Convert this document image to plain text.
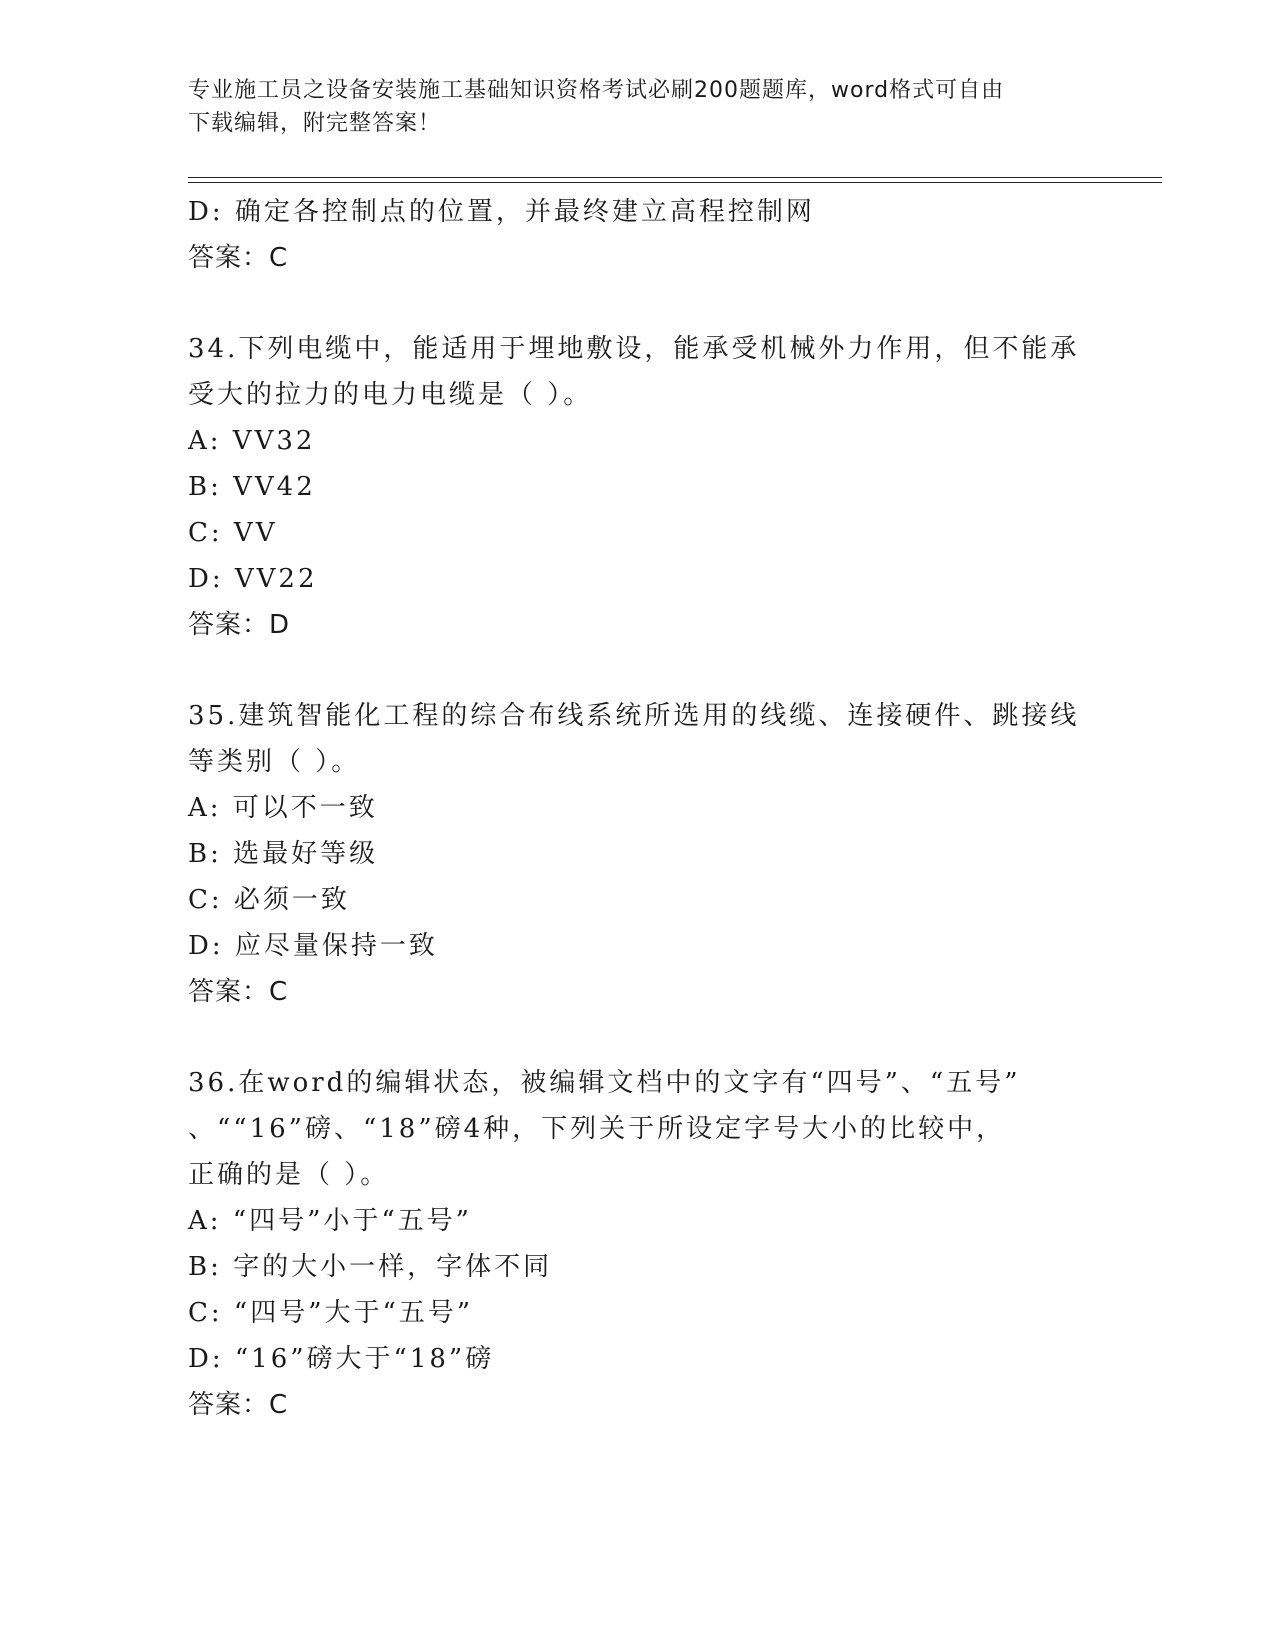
专业施工员之设备安装施工基础知识资格考试必刷200题题库，word格式可自由
下载编辑，附完整答案！
D: 确定各控制点的位置，并最终建立高程控制网
答案：C
34.下列电缆中，能适用于埋地敷设，能承受机械外力作用，但不能承
受大的拉力的电力电缆是（ ）。
A: VV32
B: VV42
C: VV
D: VV22
答案：D
35.建筑智能化工程的综合布线系统所选用的线缆、连接硬件、跳接线
等类别（ ）。
A: 可以不一致
B: 选最好等级
C: 必须一致
D: 应尽量保持一致
答案：C
36.在word的编辑状态，被编辑文档中的文字有“四号”、“五号”
、““16”磅、“18”磅4种，下列关于所设定字号大小的比较中，
正确的是（ ）。
A: “四号”小于“五号”
B: 字的大小一样，字体不同
C: “四号”大于“五号”
D: “16”磅大于“18”磅
答案：C
